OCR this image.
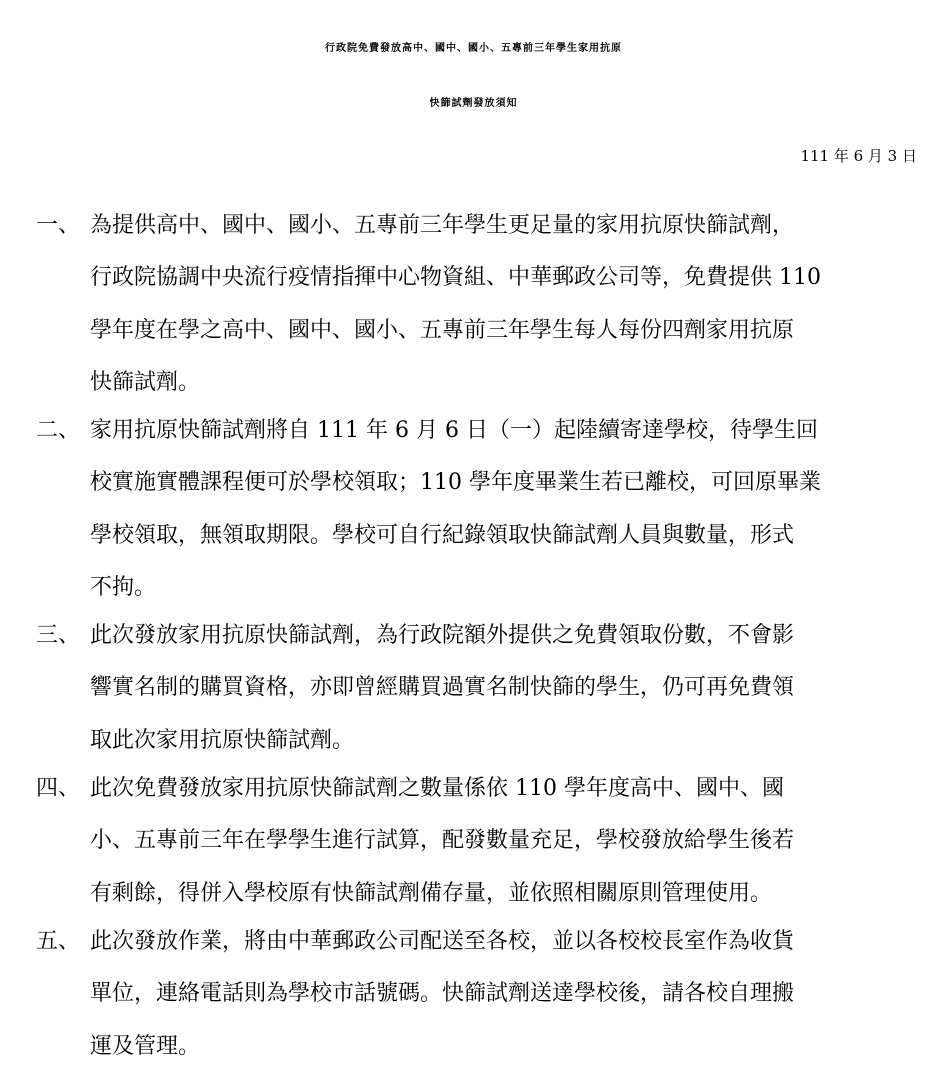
行政院免費發放高中、國中、國小、五專前三年學生家用抗原
快篩試劑發放須知
111 年 6 月 3 日
一、 為提供高中、國中、國小、五專前三年學生更足量的家用抗原快篩試劑，
行政院協調中央流行疫情指揮中心物資組、中華郵政公司等，免費提供 110
學年度在學之高中、國中、國小、五專前三年學生每人每份四劑家用抗原
快篩試劑。
二、 家用抗原快篩試劑將自 111 年 6 月 6 日（一）起陸續寄達學校，待學生回
校實施實體課程便可於學校領取；110 學年度畢業生若已離校，可回原畢業
學校領取，無領取期限。學校可自行紀錄領取快篩試劑人員與數量，形式
不拘。
三、 此次發放家用抗原快篩試劑，為行政院額外提供之免費領取份數，不會影
響實名制的購買資格，亦即曾經購買過實名制快篩的學生，仍可再免費領
取此次家用抗原快篩試劑。
四、 此次免費發放家用抗原快篩試劑之數量係依 110 學年度高中、國中、國
小、五專前三年在學學生進行試算，配發數量充足，學校發放給學生後若
有剩餘，得併入學校原有快篩試劑備存量，並依照相關原則管理使用。
五、 此次發放作業，將由中華郵政公司配送至各校，並以各校校長室作為收貨
單位，連絡電話則為學校市話號碼。快篩試劑送達學校後，請各校自理搬
運及管理。
